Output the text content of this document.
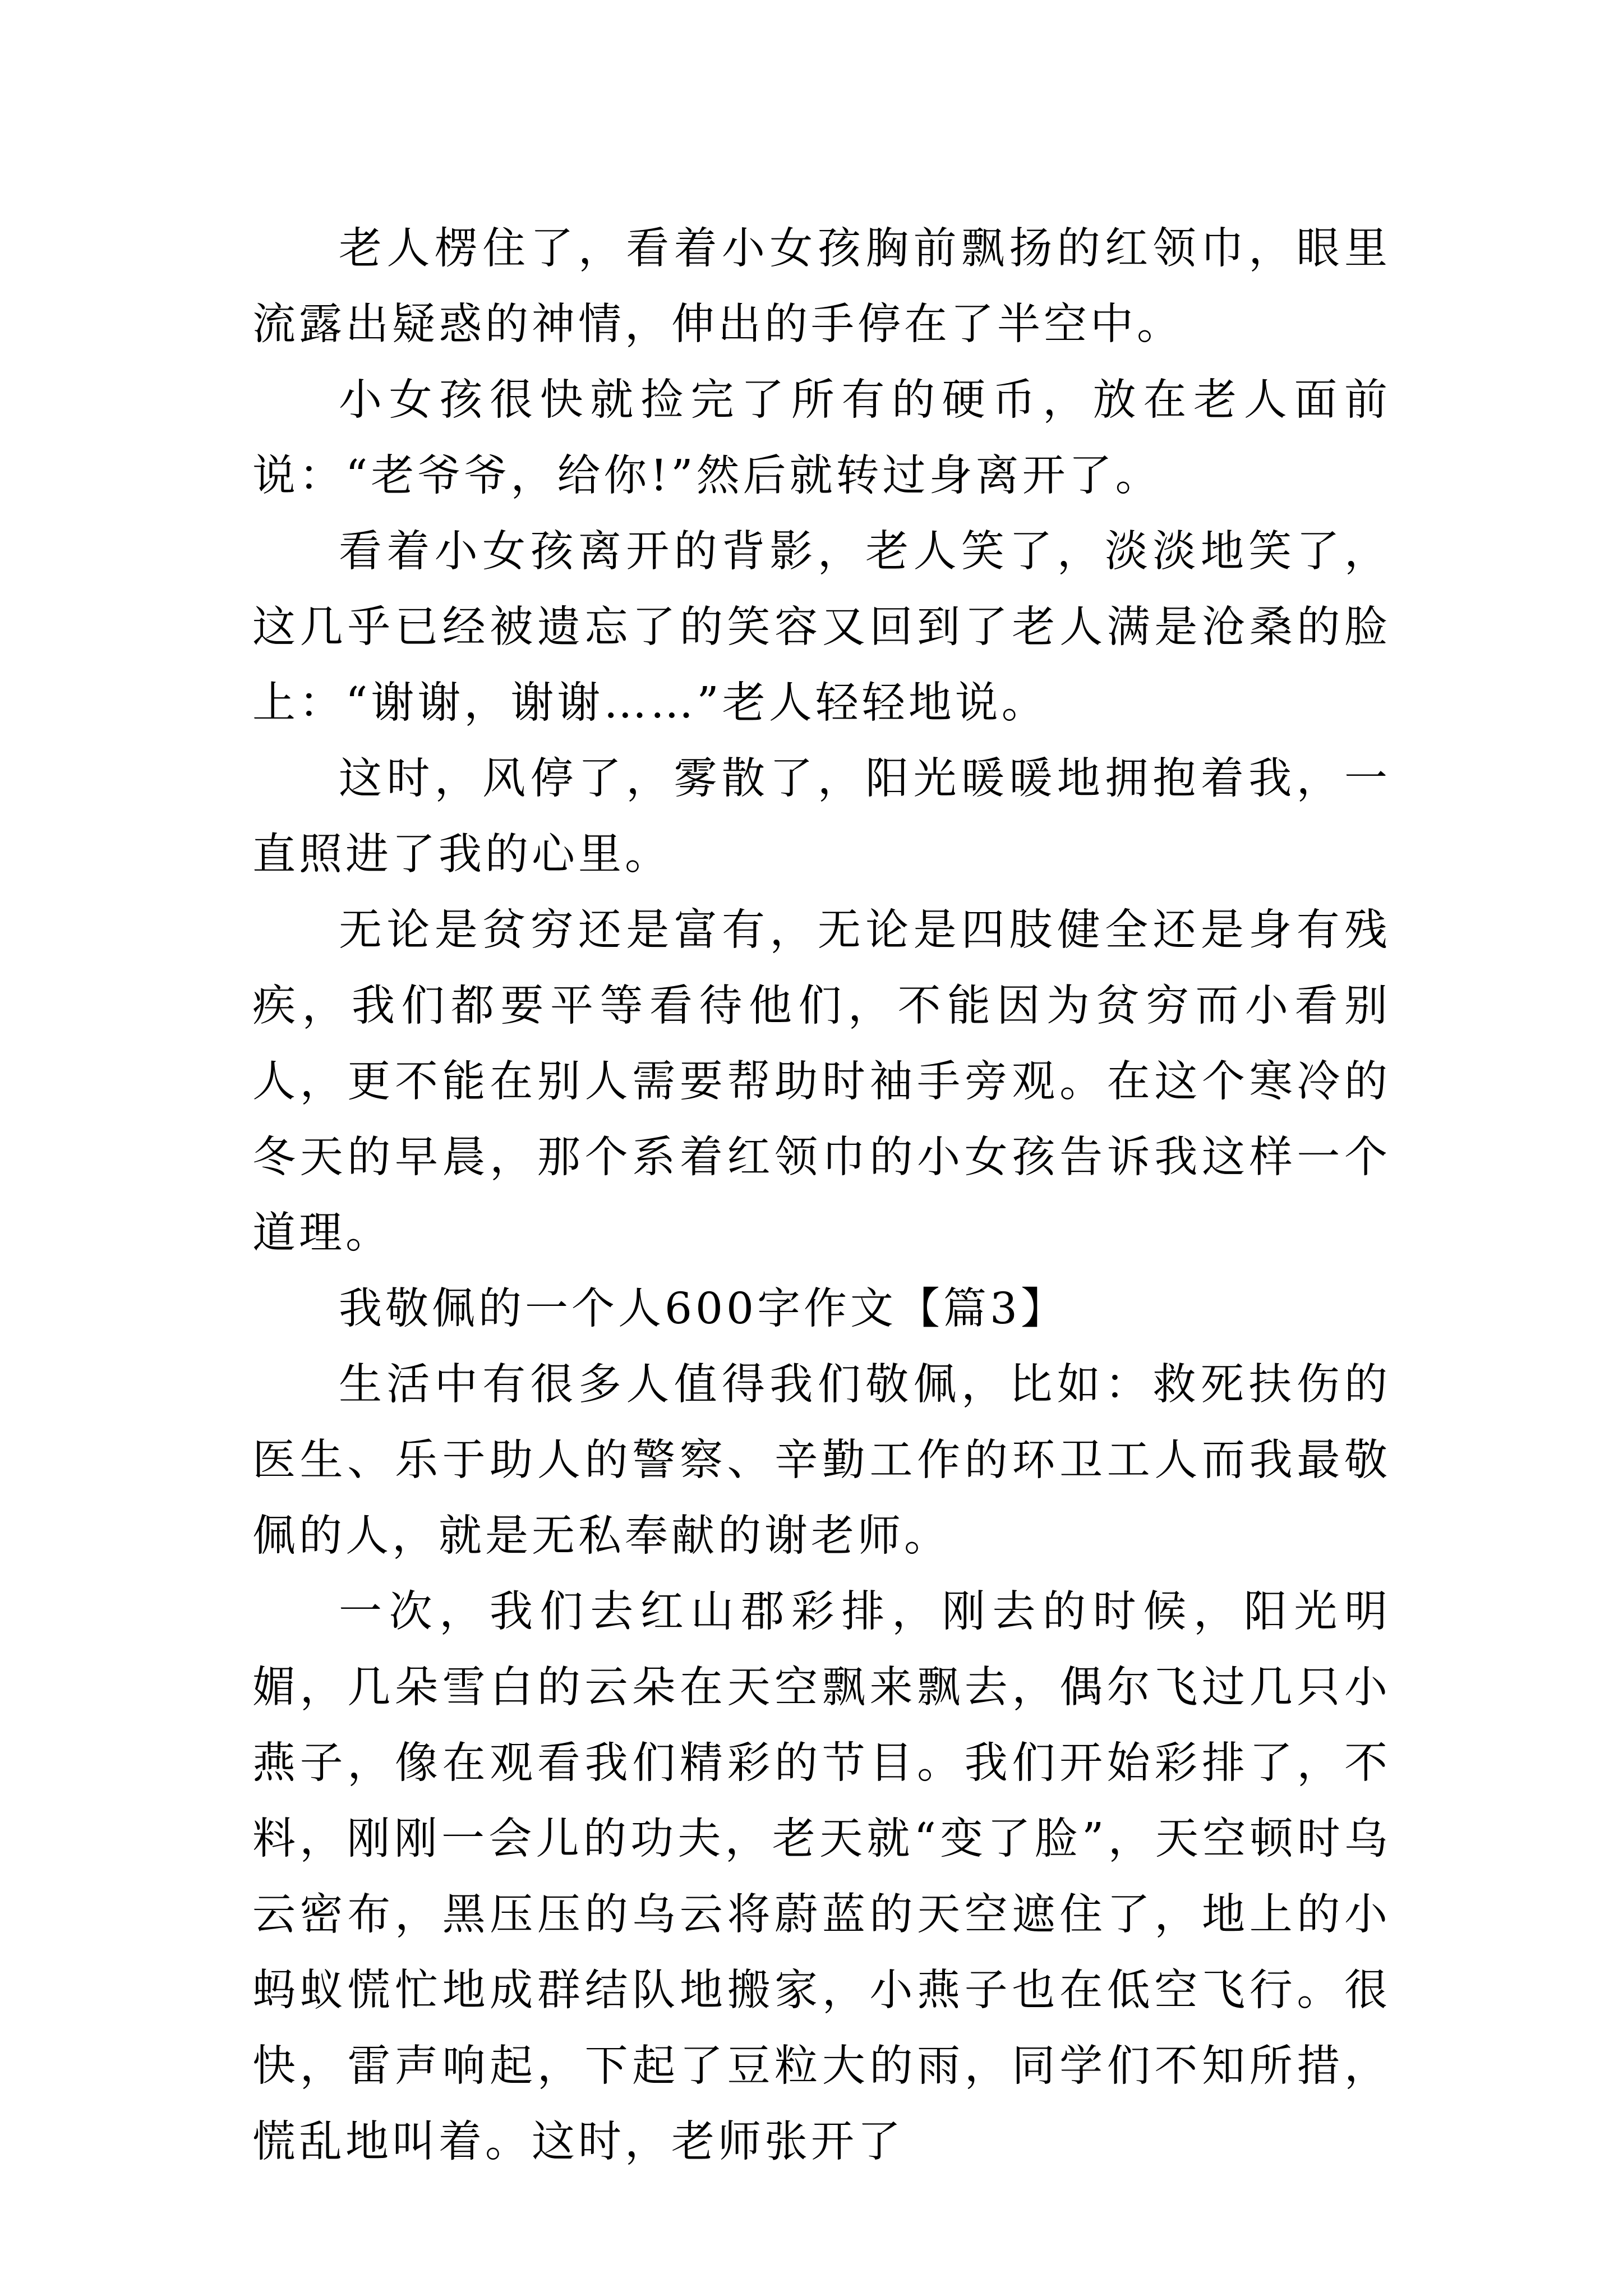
老人楞住了，看着小女孩胸前飘扬的红领巾，眼里流露出疑惑的神情，伸出的手停在了半空中。

小女孩很快就捡完了所有的硬币，放在老人面前说：“老爷爷，给你!”然后就转过身离开了。

看着小女孩离开的背影，老人笑了，淡淡地笑了，这几乎已经被遗忘了的笑容又回到了老人满是沧桑的脸上：“谢谢，谢谢……”老人轻轻地说。

这时，风停了，雾散了，阳光暖暖地拥抱着我，一直照进了我的心里。

无论是贫穷还是富有，无论是四肢健全还是身有残疾，我们都要平等看待他们，不能因为贫穷而小看别人，更不能在别人需要帮助时袖手旁观。在这个寒冷的冬天的早晨，那个系着红领巾的小女孩告诉我这样一个道理。

我敬佩的一个人600字作文【篇3】

生活中有很多人值得我们敬佩，比如：救死扶伤的医生、乐于助人的警察、辛勤工作的环卫工人而我最敬佩的人，就是无私奉献的谢老师。

一次，我们去红山郡彩排，刚去的时候，阳光明媚，几朵雪白的云朵在天空飘来飘去，偶尔飞过几只小燕子，像在观看我们精彩的节目。我们开始彩排了，不料，刚刚一会儿的功夫，老天就“变了脸”，天空顿时乌云密布，黑压压的乌云将蔚蓝的天空遮住了，地上的小蚂蚁慌忙地成群结队地搬家，小燕子也在低空飞行。很快，雷声响起，下起了豆粒大的雨，同学们不知所措，慌乱地叫着。这时，老师张开了
